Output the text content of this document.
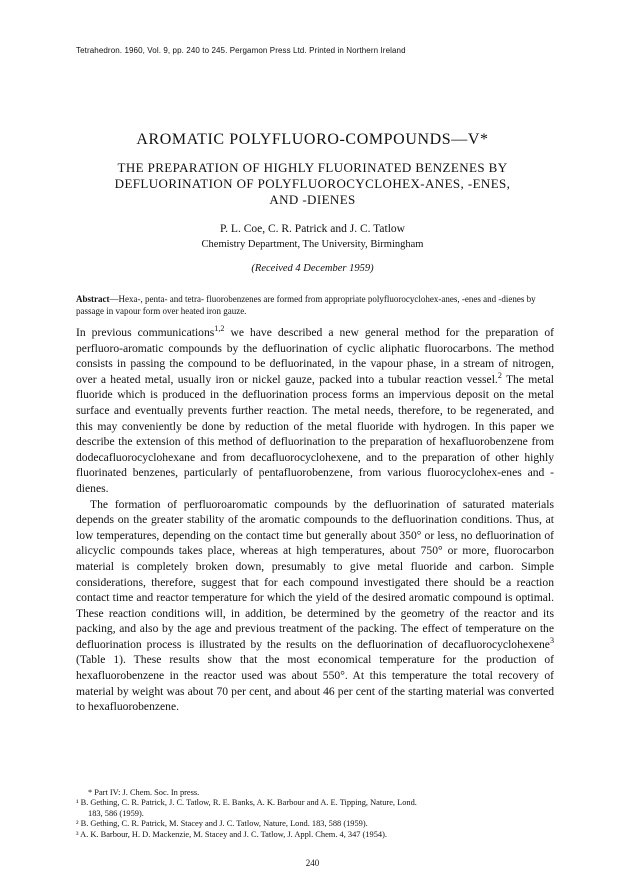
Tetrahedron. 1960, Vol. 9, pp. 240 to 245. Pergamon Press Ltd. Printed in Northern Ireland
AROMATIC POLYFLUORO-COMPOUNDS—V*
THE PREPARATION OF HIGHLY FLUORINATED BENZENES BY
DEFLUORINATION OF POLYFLUOROCYCLOHEX-ANES, -ENES,
AND -DIENES
P. L. Coe, C. R. Patrick and J. C. Tatlow
Chemistry Department, The University, Birmingham
(Received 4 December 1959)
Abstract—Hexa-, penta- and tetra- fluorobenzenes are formed from appropriate polyfluorocyclohex-anes, -enes and -dienes by passage in vapour form over heated iron gauze.

In previous communications$^{1,2}$ we have described a new general method for the preparation of perfluoro-aromatic compounds by the defluorination of cyclic aliphatic fluorocarbons. The method consists in passing the compound to be defluorinated, in the vapour phase, in a stream of nitrogen, over a heated metal, usually iron or nickel gauze, packed into a tubular reaction vessel.$^2$ The metal fluoride which is produced in the defluorination process forms an impervious deposit on the metal surface and eventually prevents further reaction. The metal needs, therefore, to be regenerated, and this may conveniently be done by reduction of the metal fluoride with hydrogen. In this paper we describe the extension of this method of defluorination to the preparation of hexafluorobenzene from dodecafluorocyclohexane and from decafluorocyclohexene, and to the preparation of other highly fluorinated benzenes, particularly of pentafluorobenzene, from various fluorocyclohex-enes and -dienes.

The formation of perfluoroaromatic compounds by the defluorination of saturated materials depends on the greater stability of the aromatic compounds to the defluorination conditions. Thus, at low temperatures, depending on the contact time but generally about 350° or less, no defluorination of alicyclic compounds takes place, whereas at high temperatures, about 750° or more, fluorocarbon material is completely broken down, presumably to give metal fluoride and carbon. Simple considerations, therefore, suggest that for each compound investigated there should be a reaction contact time and reactor temperature for which the yield of the desired aromatic compound is optimal. These reaction conditions will, in addition, be determined by the geometry of the reactor and its packing, and also by the age and previous treatment of the packing. The effect of temperature on the defluorination process is illustrated by the results on the defluorination of decafluorocyclohexene$^3$ (Table 1). These results show that the most economical temperature for the production of hexafluorobenzene in the reactor used was about 550°. At this temperature the total recovery of material by weight was about 70 per cent, and about 46 per cent of the starting material was converted to hexafluorobenzene.

* Part IV: J. Chem. Soc. In press.
¹ B. Gething, C. R. Patrick, J. C. Tatlow, R. E. Banks, A. K. Barbour and A. E. Tipping, Nature, Lond.
183, 586 (1959).
² B. Gething, C. R. Patrick, M. Stacey and J. C. Tatlow, Nature, Lond. 183, 588 (1959).
³ A. K. Barbour, H. D. Mackenzie, M. Stacey and J. C. Tatlow, J. Appl. Chem. 4, 347 (1954).
240
